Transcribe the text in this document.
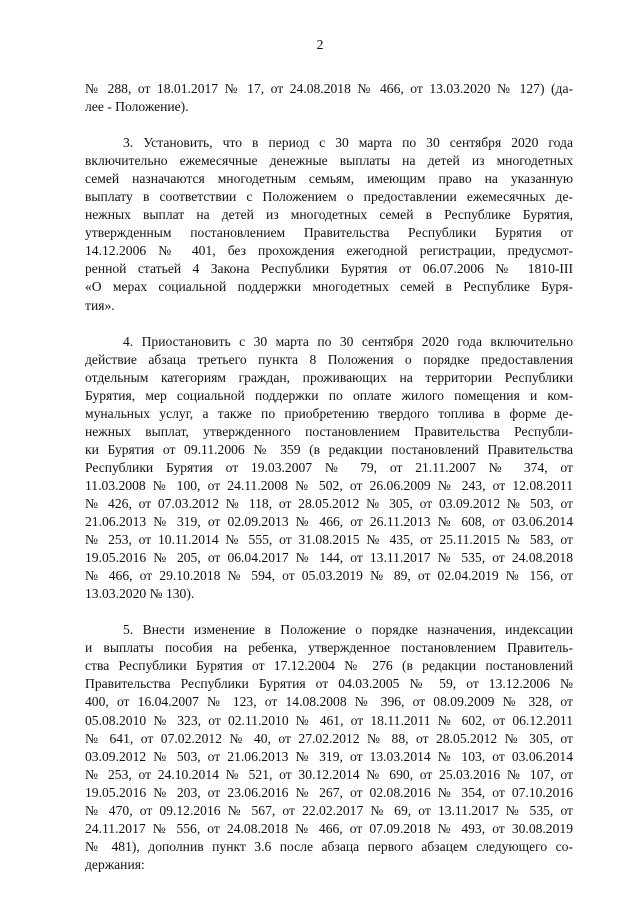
2
№ 288, от 18.01.2017 № 17, от 24.08.2018 № 466, от 13.03.2020 № 127) (да-
лее - Положение).
3. Установить, что в период с 30 марта по 30 сентября 2020 года
включительно ежемесячные денежные выплаты на детей из многодетных
семей назначаются многодетным семьям, имеющим право на указанную
выплату в соответствии с Положением о предоставлении ежемесячных де-
нежных выплат на детей из многодетных семей в Республике Бурятия,
утвержденным постановлением Правительства Республики Бурятия от
14.12.2006 № 401, без прохождения ежегодной регистрации, предусмот-
ренной статьей 4 Закона Республики Бурятия от 06.07.2006 № 1810-III
«О мерах социальной поддержки многодетных семей в Республике Буря-
тия».
4. Приостановить с 30 марта по 30 сентября 2020 года включительно
действие абзаца третьего пункта 8 Положения о порядке предоставления
отдельным категориям граждан, проживающих на территории Республики
Бурятия, мер социальной поддержки по оплате жилого помещения и ком-
мунальных услуг, а также по приобретению твердого топлива в форме де-
нежных выплат, утвержденного постановлением Правительства Республи-
ки Бурятия от 09.11.2006 № 359 (в редакции постановлений Правительства
Республики Бурятия от 19.03.2007 № 79, от 21.11.2007 № 374, от
11.03.2008 № 100, от 24.11.2008 № 502, от 26.06.2009 № 243, от 12.08.2011
№ 426, от 07.03.2012 № 118, от 28.05.2012 № 305, от 03.09.2012 № 503, от
21.06.2013 № 319, от 02.09.2013 № 466, от 26.11.2013 № 608, от 03.06.2014
№ 253, от 10.11.2014 № 555, от 31.08.2015 № 435, от 25.11.2015 № 583, от
19.05.2016 № 205, от 06.04.2017 № 144, от 13.11.2017 № 535, от 24.08.2018
№ 466, от 29.10.2018 № 594, от 05.03.2019 № 89, от 02.04.2019 № 156, от
13.03.2020 № 130).
5. Внести изменение в Положение о порядке назначения, индексации
и выплаты пособия на ребенка, утвержденное постановлением Правитель-
ства Республики Бурятия от 17.12.2004 № 276 (в редакции постановлений
Правительства Республики Бурятия от 04.03.2005 № 59, от 13.12.2006 №
400, от 16.04.2007 № 123, от 14.08.2008 № 396, от 08.09.2009 № 328, от
05.08.2010 № 323, от 02.11.2010 № 461, от 18.11.2011 № 602, от 06.12.2011
№ 641, от 07.02.2012 № 40, от 27.02.2012 № 88, от 28.05.2012 № 305, от
03.09.2012 № 503, от 21.06.2013 № 319, от 13.03.2014 № 103, от 03.06.2014
№ 253, от 24.10.2014 № 521, от 30.12.2014 № 690, от 25.03.2016 № 107, от
19.05.2016 № 203, от 23.06.2016 № 267, от 02.08.2016 № 354, от 07.10.2016
№ 470, от 09.12.2016 № 567, от 22.02.2017 № 69, от 13.11.2017 № 535, от
24.11.2017 № 556, от 24.08.2018 № 466, от 07.09.2018 № 493, от 30.08.2019
№ 481), дополнив пункт 3.6 после абзаца первого абзацем следующего со-
держания:
